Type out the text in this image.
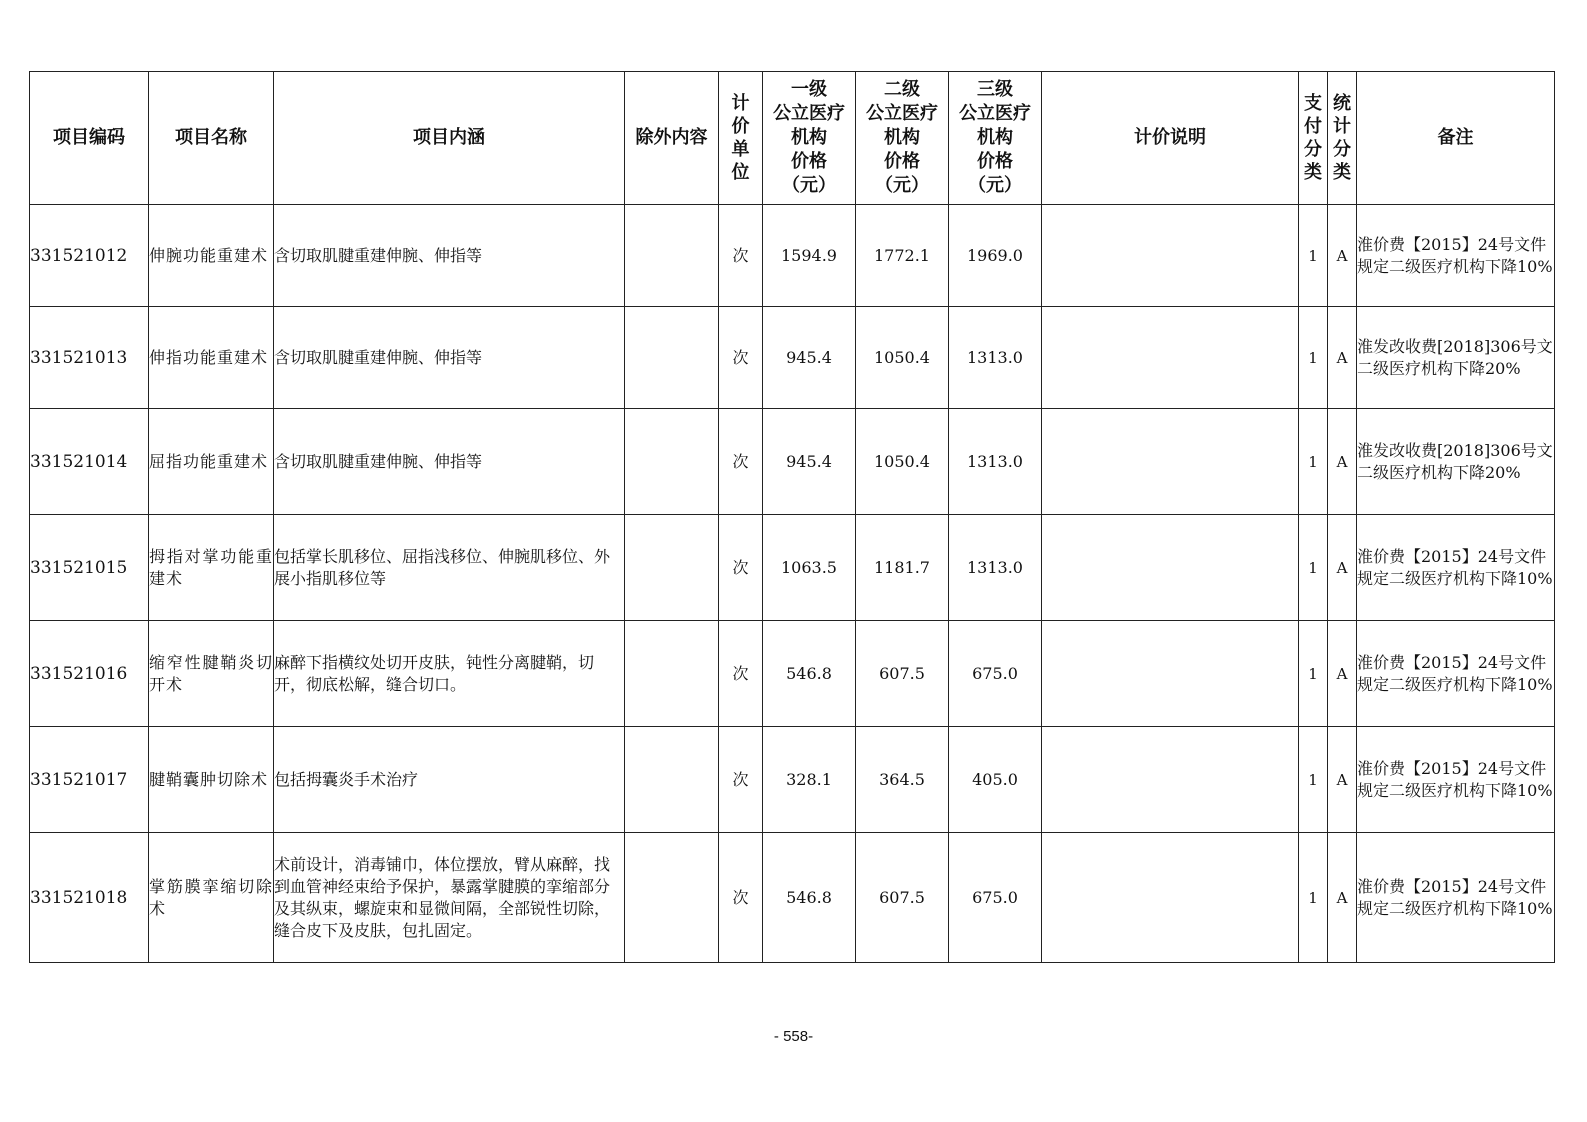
项目编码	项目名称	项目内涵	除外内容	计价单位	一级
公立医疗
机构
价格
（元）	二级
公立医疗
机构
价格
（元）	三级
公立医疗
机构
价格
（元）	计价说明	支付分类	统计分类	备注
331521012	伸腕功能重建术	含切取肌腱重建伸腕、伸指等		次	1594.9	1772.1	1969.0		1	A	淮价费【2015】24号文件规定二级医疗机构下降10%
331521013	伸指功能重建术	含切取肌腱重建伸腕、伸指等		次	945.4	1050.4	1313.0		1	A	淮发改收费[2018]306号文二级医疗机构下降20%
331521014	屈指功能重建术	含切取肌腱重建伸腕、伸指等		次	945.4	1050.4	1313.0		1	A	淮发改收费[2018]306号文二级医疗机构下降20%
331521015	拇指对掌功能重建术	包括掌长肌移位、屈指浅移位、伸腕肌移位、外展小指肌移位等		次	1063.5	1181.7	1313.0		1	A	淮价费【2015】24号文件规定二级医疗机构下降10%
331521016	缩窄性腱鞘炎切开术	麻醉下指横纹处切开皮肤，钝性分离腱鞘，切开，彻底松解，缝合切口。		次	546.8	607.5	675.0		1	A	淮价费【2015】24号文件规定二级医疗机构下降10%
331521017	腱鞘囊肿切除术	包括拇囊炎手术治疗		次	328.1	364.5	405.0		1	A	淮价费【2015】24号文件规定二级医疗机构下降10%
331521018	掌筋膜挛缩切除术	术前设计，消毒铺巾，体位摆放，臂从麻醉，找到血管神经束给予保护，暴露掌腱膜的挛缩部分及其纵束，螺旋束和显微间隔，全部锐性切除，缝合皮下及皮肤，包扎固定。		次	546.8	607.5	675.0		1	A	淮价费【2015】24号文件规定二级医疗机构下降10%
- 558-
